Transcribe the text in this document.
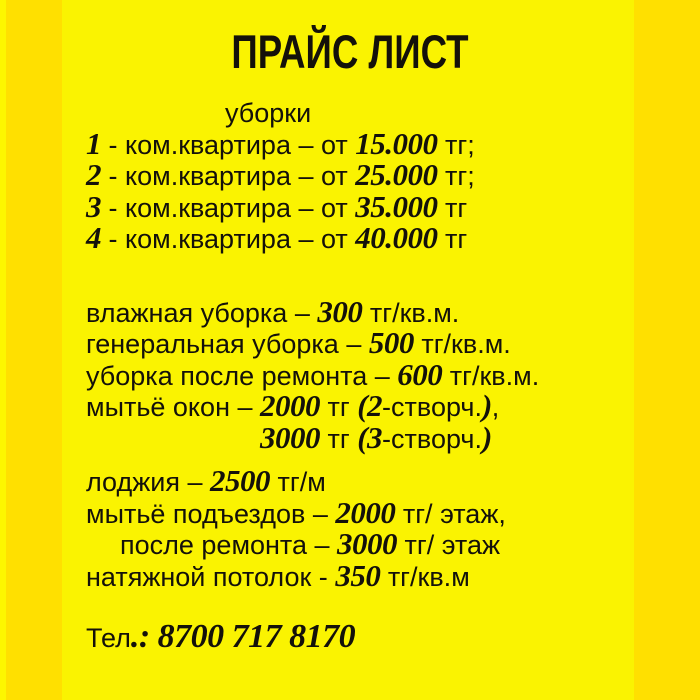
ПРАЙС ЛИСТ
уборки
1 - ком.квартира – от 15.000 тг;
2 - ком.квартира – от 25.000 тг;
3 - ком.квартира – от 35.000 тг
4 - ком.квартира – от 40.000 тг
влажная уборка – 300 тг/кв.м.
генеральная уборка – 500 тг/кв.м.
уборка после ремонта – 600 тг/кв.м.
мытьё окон – 2000 тг (2-створч.),
3000 тг (3-створч.)
лоджия – 2500 тг/м
мытьё подъездов – 2000 тг/ этаж,
после ремонта – 3000 тг/ этаж
натяжной потолок - 350 тг/кв.м
Тел.: 8700 717 8170
